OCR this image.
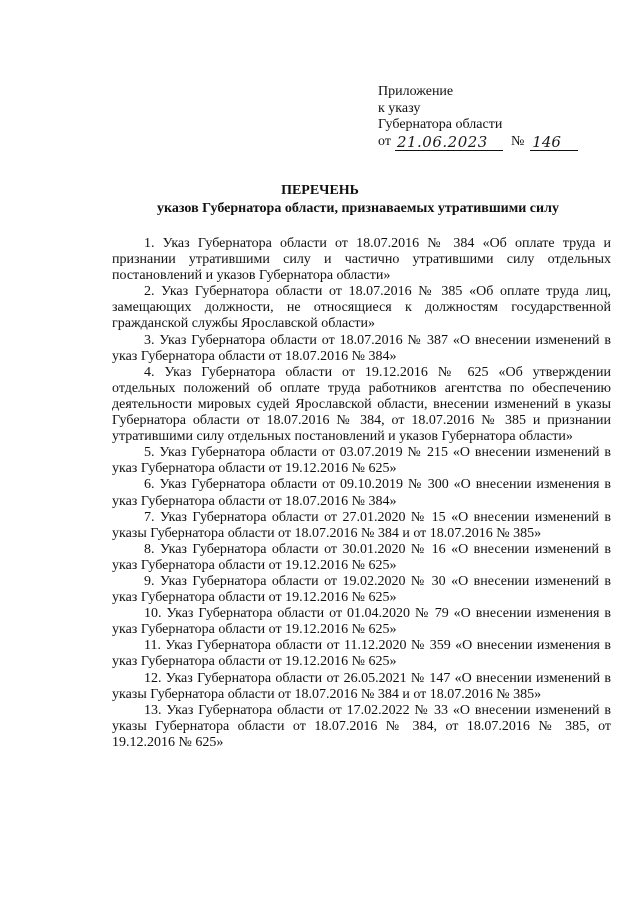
Приложение
к указу
Губернатора области
от 21.06.2023	№ 146
ПЕРЕЧЕНЬ
указов Губернатора области, признаваемых утратившими силу

1. Указ Губернатора области от 18.07.2016 № 384 «Об оплате труда и признании утратившими силу и частично утратившими силу отдельных постановлений и указов Губернатора области»

2. Указ Губернатора области от 18.07.2016 № 385 «Об оплате труда лиц, замещающих должности, не относящиеся к должностям государственной гражданской службы Ярославской области»

3. Указ Губернатора области от 18.07.2016 № 387 «О внесении изменений в указ Губернатора области от 18.07.2016 № 384»

4. Указ Губернатора области от 19.12.2016 № 625 «Об утверждении отдельных положений об оплате труда работников агентства по обеспечению деятельности мировых судей Ярославской области, внесении изменений в указы Губернатора области от 18.07.2016 № 384, от 18.07.2016 № 385 и признании утратившими силу отдельных постановлений и указов Губернатора области»

5. Указ Губернатора области от 03.07.2019 № 215 «О внесении изменений в указ Губернатора области от 19.12.2016 № 625»

6. Указ Губернатора области от 09.10.2019 № 300 «О внесении изменения в указ Губернатора области от 18.07.2016 № 384»

7. Указ Губернатора области от 27.01.2020 № 15 «О внесении изменений в указы Губернатора области от 18.07.2016 № 384 и от 18.07.2016 № 385»

8. Указ Губернатора области от 30.01.2020 № 16 «О внесении изменений в указ Губернатора области от 19.12.2016 № 625»

9. Указ Губернатора области от 19.02.2020 № 30 «О внесении изменений в указ Губернатора области от 19.12.2016 № 625»

10. Указ Губернатора области от 01.04.2020 № 79 «О внесении изменения в указ Губернатора области от 19.12.2016 № 625»

11. Указ Губернатора области от 11.12.2020 № 359 «О внесении изменения в указ Губернатора области от 19.12.2016 № 625»

12. Указ Губернатора области от 26.05.2021 № 147 «О внесении изменений в указы Губернатора области от 18.07.2016 № 384 и от 18.07.2016 № 385»

13. Указ Губернатора области от 17.02.2022 № 33 «О внесении изменений в указы Губернатора области от 18.07.2016 № 384, от 18.07.2016 № 385, от 19.12.2016 № 625»
